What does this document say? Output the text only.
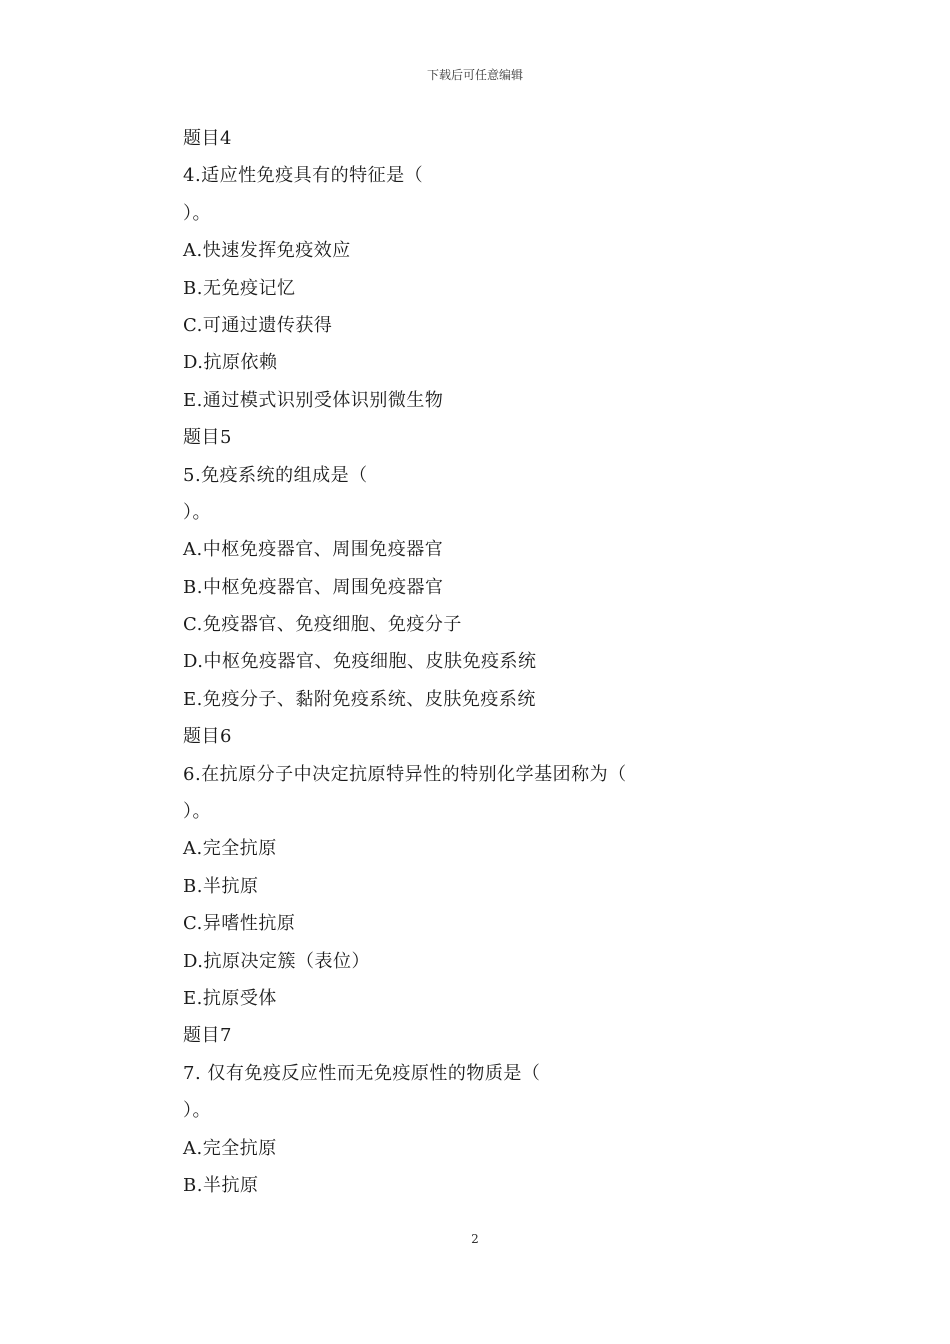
下载后可任意编辑
题目4
4.适应性免疫具有的特征是（
）。
A.快速发挥免疫效应
B.无免疫记忆
C.可通过遗传获得
D.抗原依赖
E.通过模式识别受体识别微生物
题目5
5.免疫系统的组成是（
）。
A.中枢免疫器官、周围免疫器官
B.中枢免疫器官、周围免疫器官
C.免疫器官、免疫细胞、免疫分子
D.中枢免疫器官、免疫细胞、皮肤免疫系统
E.免疫分子、黏附免疫系统、皮肤免疫系统
题目6
6.在抗原分子中决定抗原特异性的特别化学基团称为（
）。
A.完全抗原
B.半抗原
C.异嗜性抗原
D.抗原决定簇（表位）
E.抗原受体
题目7
7. 仅有免疫反应性而无免疫原性的物质是（
）。
A.完全抗原
B.半抗原
2
